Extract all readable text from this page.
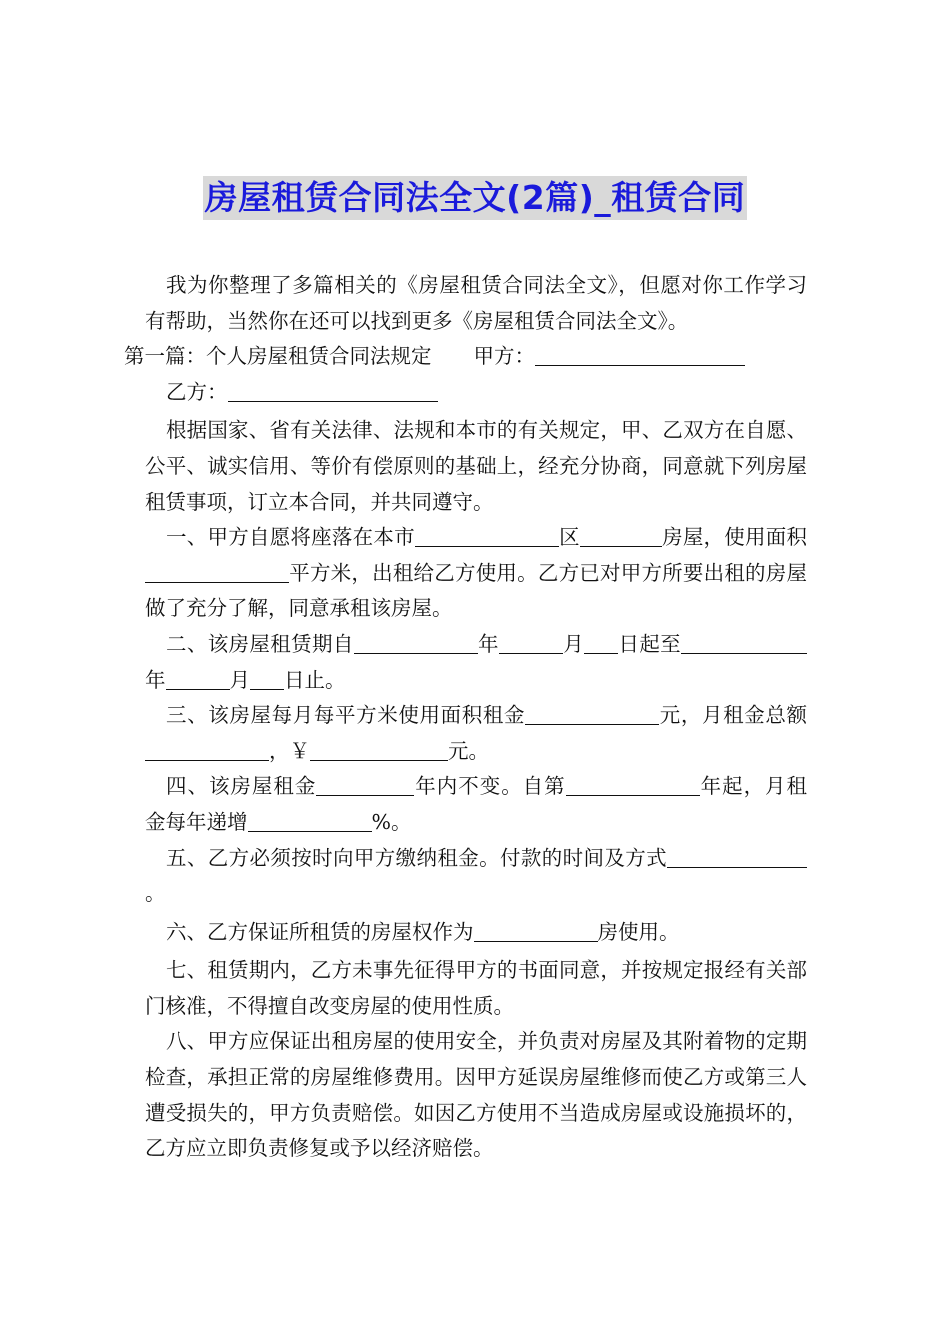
房屋租赁合同法全文(2篇)_租赁合同

我为你整理了多篇相关的《房屋租赁合同法全文》，但愿对你工作学习有帮助，当然你在还可以找到更多《房屋租赁合同法全文》。
第一篇：个人房屋租赁合同法规定 甲方：

乙方：

根据国家、省有关法律、法规和本市的有关规定，甲、乙双方在自愿、公平、诚实信用、等价有偿原则的基础上，经充分协商，同意就下列房屋租赁事项，订立本合同，并共同遵守。

一、甲方自愿将座落在本市	区	房屋，使用面积平方米，出租给乙方使用。乙方已对甲方所要出租的房屋做了充分了解，同意承租该房屋。

二、该房屋租赁期自	年	月 日起至年	月 日止。

三、该房屋每月每平方米使用面积租金	元，月租金总额，￥	元。

四、该房屋租金	年内不变。自第	年起，月租金每年递增	%。

五、乙方必须按时向甲方缴纳租金。付款的时间及方式。

六、乙方保证所租赁的房屋权作为	房使用。

七、租赁期内，乙方未事先征得甲方的书面同意，并按规定报经有关部门核准，不得擅自改变房屋的使用性质。

八、甲方应保证出租房屋的使用安全，并负责对房屋及其附着物的定期检查，承担正常的房屋维修费用。因甲方延误房屋维修而使乙方或第三人遭受损失的，甲方负责赔偿。如因乙方使用不当造成房屋或设施损坏的，乙方应立即负责修复或予以经济赔偿。
